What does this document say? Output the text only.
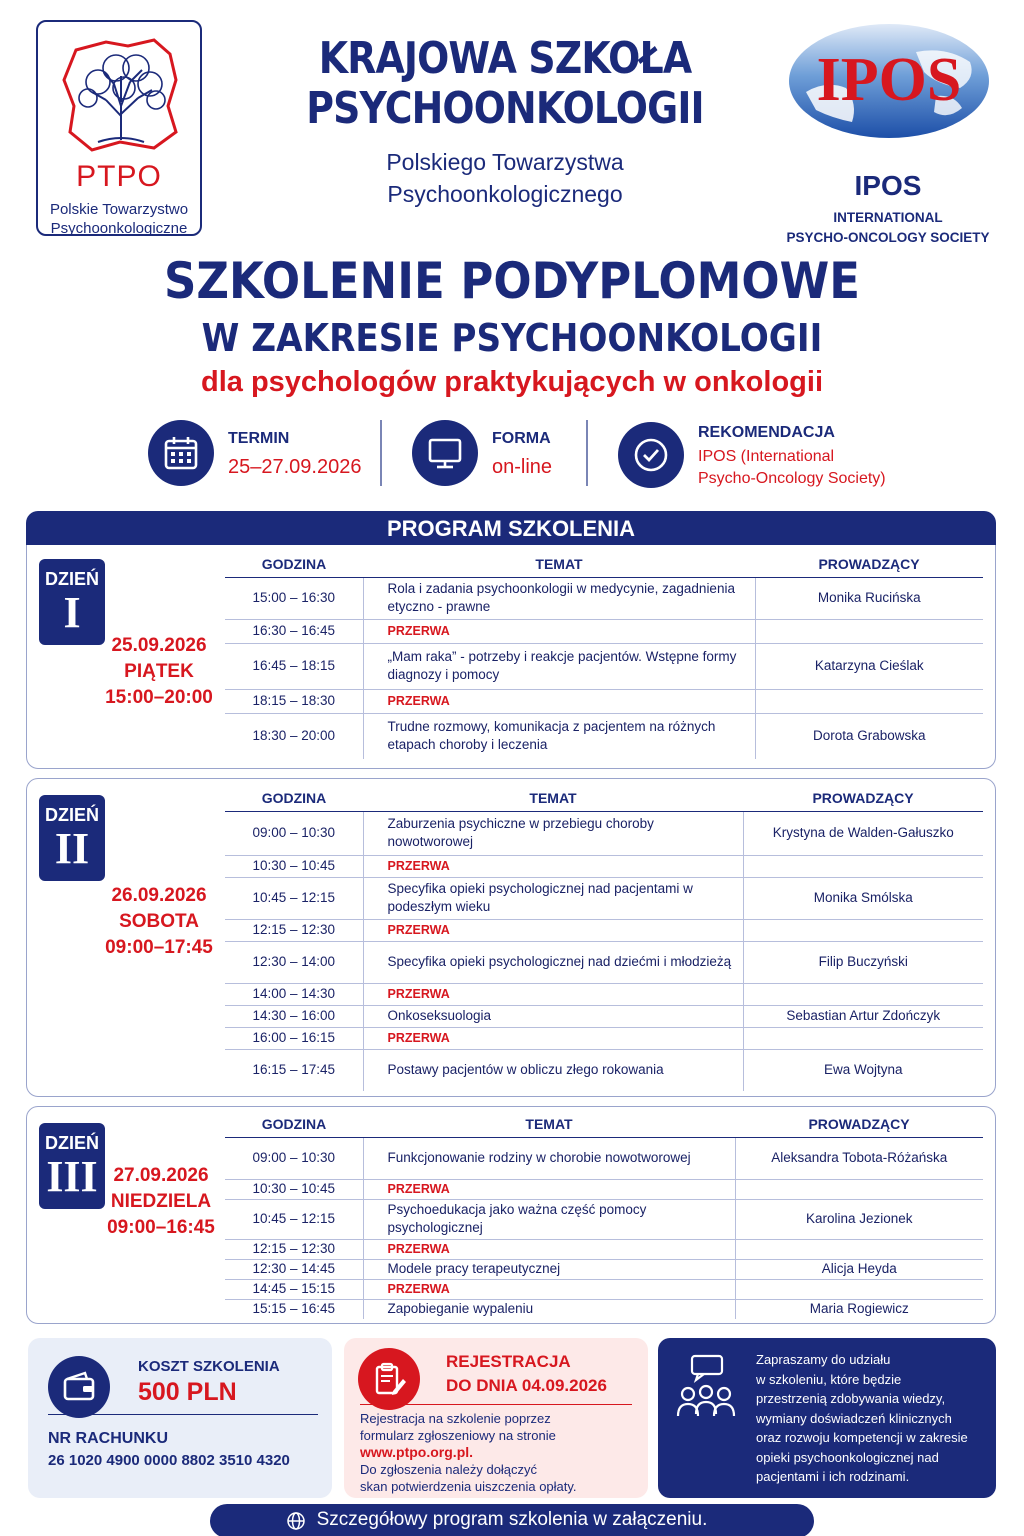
PTPO
Polskie Towarzystwo
Psychoonkologiczne
KRAJOWA SZKOŁA
PSYCHOONKOLOGII
Polskiego Towarzystwa
Psychoonkologicznego
IPOS
IPOS
INTERNATIONAL
PSYCHO-ONCOLOGY SOCIETY
SZKOLENIE PODYPLOMOWE
W ZAKRESIE PSYCHOONKOLOGII
dla psychologów praktykujących w onkologii
TERMIN
25–27.09.2026
FORMA
on-line
REKOMENDACJA
IPOS (International
Psycho-Oncology Society)
PROGRAM SZKOLENIA
DZIEŃ
I
25.09.2026
PIĄTEK
15:00–20:00
GODZINA	TEMAT	PROWADZĄCY
15:00 – 16:30	Rola i zadania psychoonkologii w medycynie, zagadnienia etyczno - prawne	Monika Rucińska
16:30 – 16:45	PRZERWA	
16:45 – 18:15	„Mam raka” - potrzeby i reakcje pacjentów. Wstępne formy diagnozy i pomocy	Katarzyna Cieślak
18:15 – 18:30	PRZERWA	
18:30 – 20:00	Trudne rozmowy, komunikacja z pacjentem na różnych etapach choroby i leczenia	Dorota Grabowska
DZIEŃ
II
26.09.2026
SOBOTA
09:00–17:45
GODZINA	TEMAT	PROWADZĄCY
09:00 – 10:30	Zaburzenia psychiczne w przebiegu choroby nowotworowej	Krystyna de Walden-Gałuszko
10:30 – 10:45	PRZERWA	
10:45 – 12:15	Specyfika opieki psychologicznej nad pacjentami w podeszłym wieku	Monika Smólska
12:15 – 12:30	PRZERWA	
12:30 – 14:00	Specyfika opieki psychologicznej nad dziećmi i młodzieżą	Filip Buczyński
14:00 – 14:30	PRZERWA	
14:30 – 16:00	Onkoseksuologia	Sebastian Artur Zdończyk
16:00 – 16:15	PRZERWA	
16:15 – 17:45	Postawy pacjentów w obliczu złego rokowania	Ewa Wojtyna
DZIEŃ
III 27.09.2026
NIEDZIELA
09:00–16:45
GODZINA	TEMAT	PROWADZĄCY
09:00 – 10:30	Funkcjonowanie rodziny w chorobie nowotworowej	Aleksandra Tobota-Różańska
10:30 – 10:45	PRZERWA	
10:45 – 12:15	Psychoedukacja jako ważna część pomocy psychologicznej	Karolina Jezionek
12:15 – 12:30	PRZERWA	
12:30 – 14:45	Modele pracy terapeutycznej	Alicja Heyda
14:45 – 15:15	PRZERWA	
15:15 – 16:45	Zapobieganie wypaleniu	Maria Rogiewicz
KOSZT SZKOLENIA
500 PLN
NR RACHUNKU
26 1020 4900 0000 8802 3510 4320
REJESTRACJA
DO DNIA 04.09.2026
Rejestracja na szkolenie poprzez
formularz zgłoszeniowy na stronie
www.ptpo.org.pl.
Do zgłoszenia należy dołączyć
skan potwierdzenia uiszczenia opłaty.
Zapraszamy do udziału
w szkoleniu, które będzie
przestrzenią zdobywania wiedzy,
wymiany doświadczeń klinicznych
oraz rozwoju kompetencji w zakresie
opieki psychoonkologicznej nad
pacjentami i ich rodzinami.
Szczegółowy program szkolenia w załączeniu.
